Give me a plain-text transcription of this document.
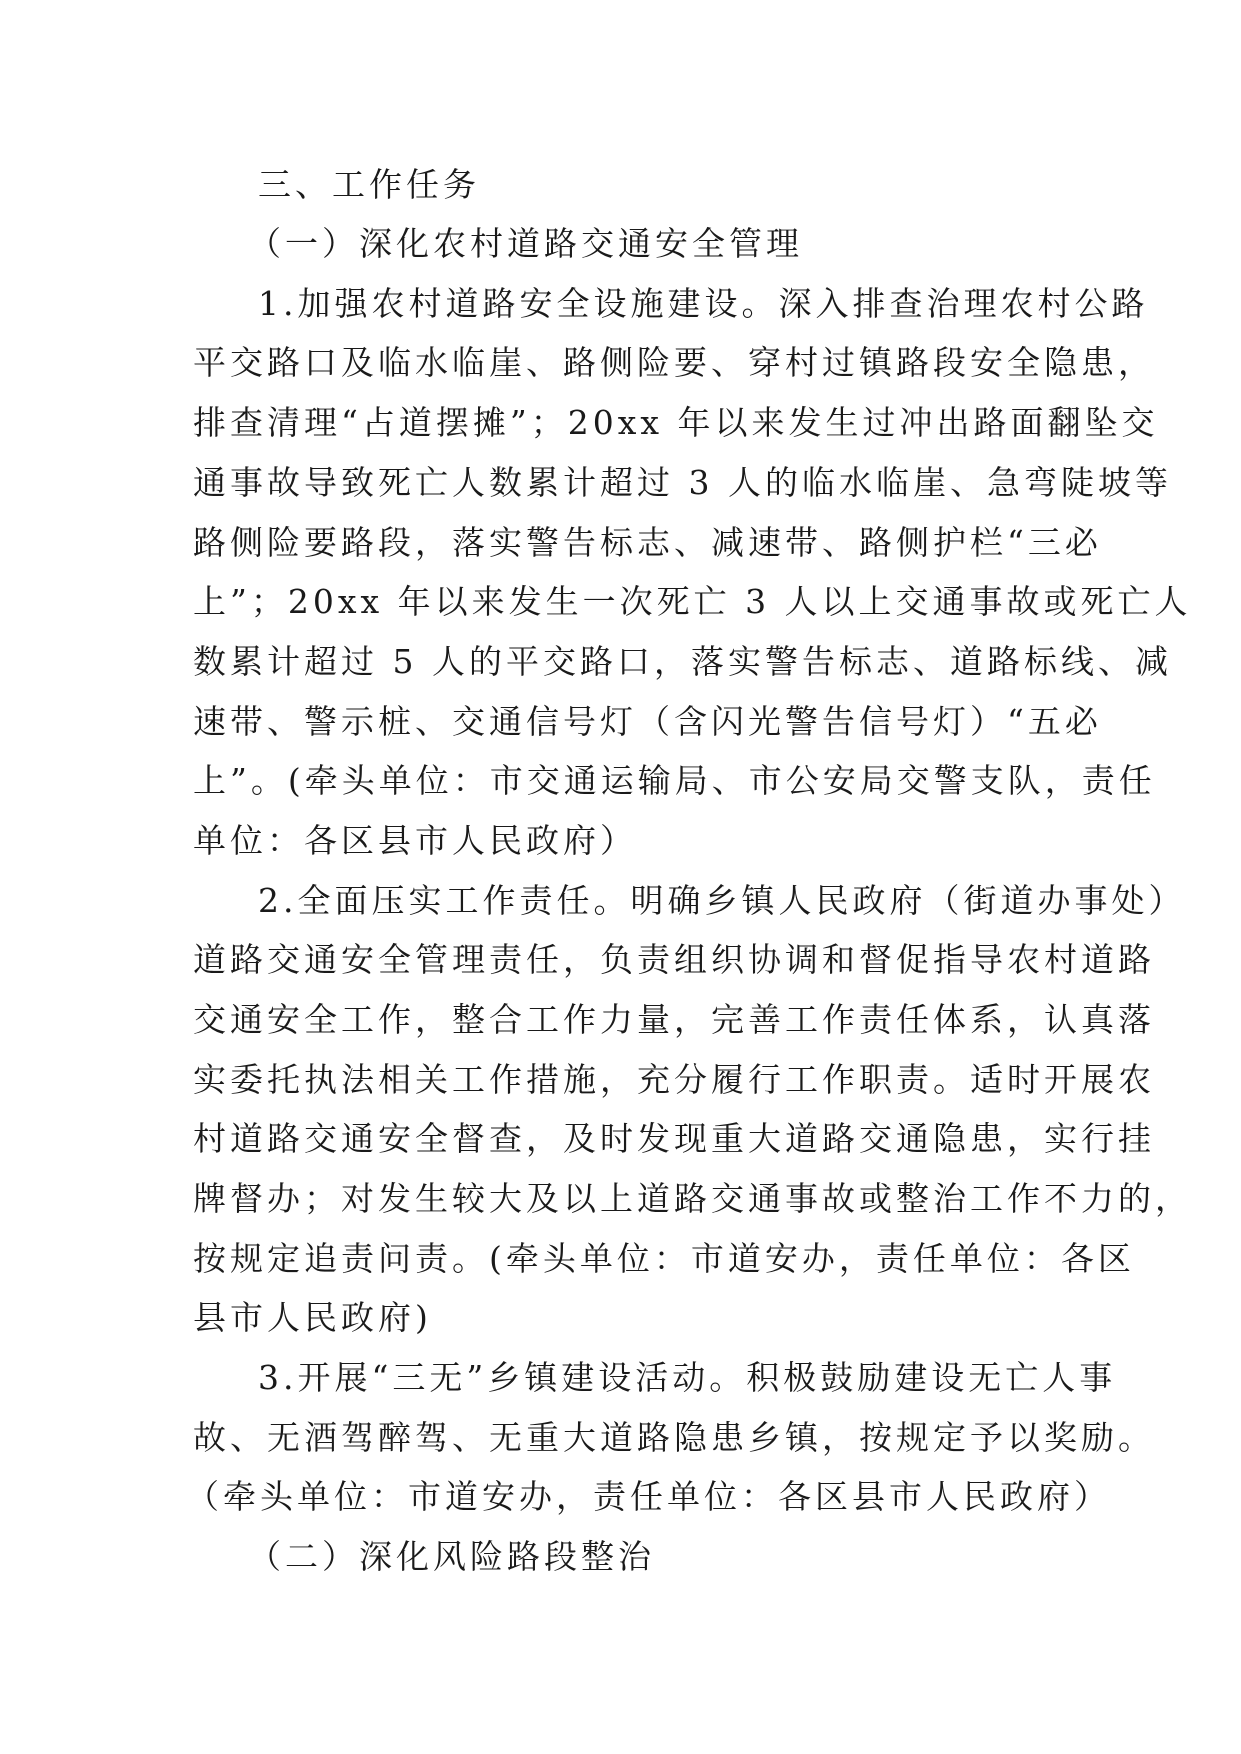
三、工作任务
（一）深化农村道路交通安全管理
1.加强农村道路安全设施建设。深入排查治理农村公路
平交路口及临水临崖、路侧险要、穿村过镇路段安全隐患，
排查清理“占道摆摊”；20xx 年以来发生过冲出路面翻坠交
通事故导致死亡人数累计超过 3 人的临水临崖、急弯陡坡等
路侧险要路段，落实警告标志、减速带、路侧护栏“三必
上”；20xx 年以来发生一次死亡 3 人以上交通事故或死亡人
数累计超过 5 人的平交路口，落实警告标志、道路标线、减
速带、警示桩、交通信号灯（含闪光警告信号灯）“五必
上”。(牵头单位：市交通运输局、市公安局交警支队，责任
单位：各区县市人民政府）
2.全面压实工作责任。明确乡镇人民政府（街道办事处）
道路交通安全管理责任，负责组织协调和督促指导农村道路
交通安全工作，整合工作力量，完善工作责任体系，认真落
实委托执法相关工作措施，充分履行工作职责。适时开展农
村道路交通安全督查，及时发现重大道路交通隐患，实行挂
牌督办；对发生较大及以上道路交通事故或整治工作不力的，
按规定追责问责。(牵头单位：市道安办，责任单位：各区
县市人民政府)
3.开展“三无”乡镇建设活动。积极鼓励建设无亡人事
故、无酒驾醉驾、无重大道路隐患乡镇，按规定予以奖励。
（牵头单位：市道安办，责任单位：各区县市人民政府）
（二）深化风险路段整治
